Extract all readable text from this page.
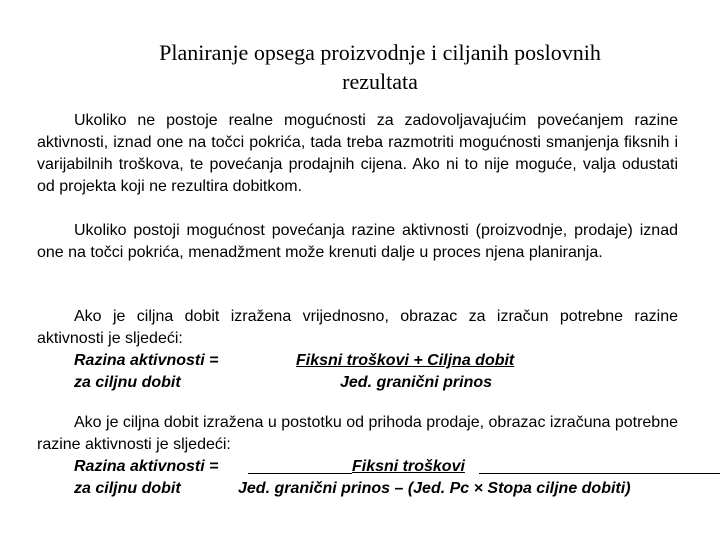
Planiranje opsega proizvodnje i ciljanih poslovnih
rezultata

Ukoliko ne postoje realne mogućnosti za zadovoljavajućim povećanjem razine aktivnosti, iznad one na točci pokrića, tada treba razmotriti mogućnosti smanjenja fiksnih i varijabilnih troškova, te povećanja prodajnih cijena. Ako ni to nije moguće, valja odustati od projekta koji ne rezultira dobitkom.

Ukoliko postoji mogućnost povećanja razine aktivnosti (proizvodnje, prodaje) iznad one na točci pokrića, menadžment može krenuti dalje u proces njena planiranja.

Ako je ciljna dobit izražena vrijednosno, obrazac za izračun potrebne razine aktivnosti je sljedeći:

Razina aktivnosti =	Fiksni troškovi + Ciljna dobit
za ciljnu dobit	Jed. granični prinos

Ako je ciljna dobit izražena u postotku od prihoda prodaje, obrazac izračuna potrebne razine aktivnosti je sljedeći:

Razina aktivnosti =	Fiksni troškovi
za ciljnu dobit	Jed. granični prinos – (Jed. Pc × Stopa ciljne dobiti)
